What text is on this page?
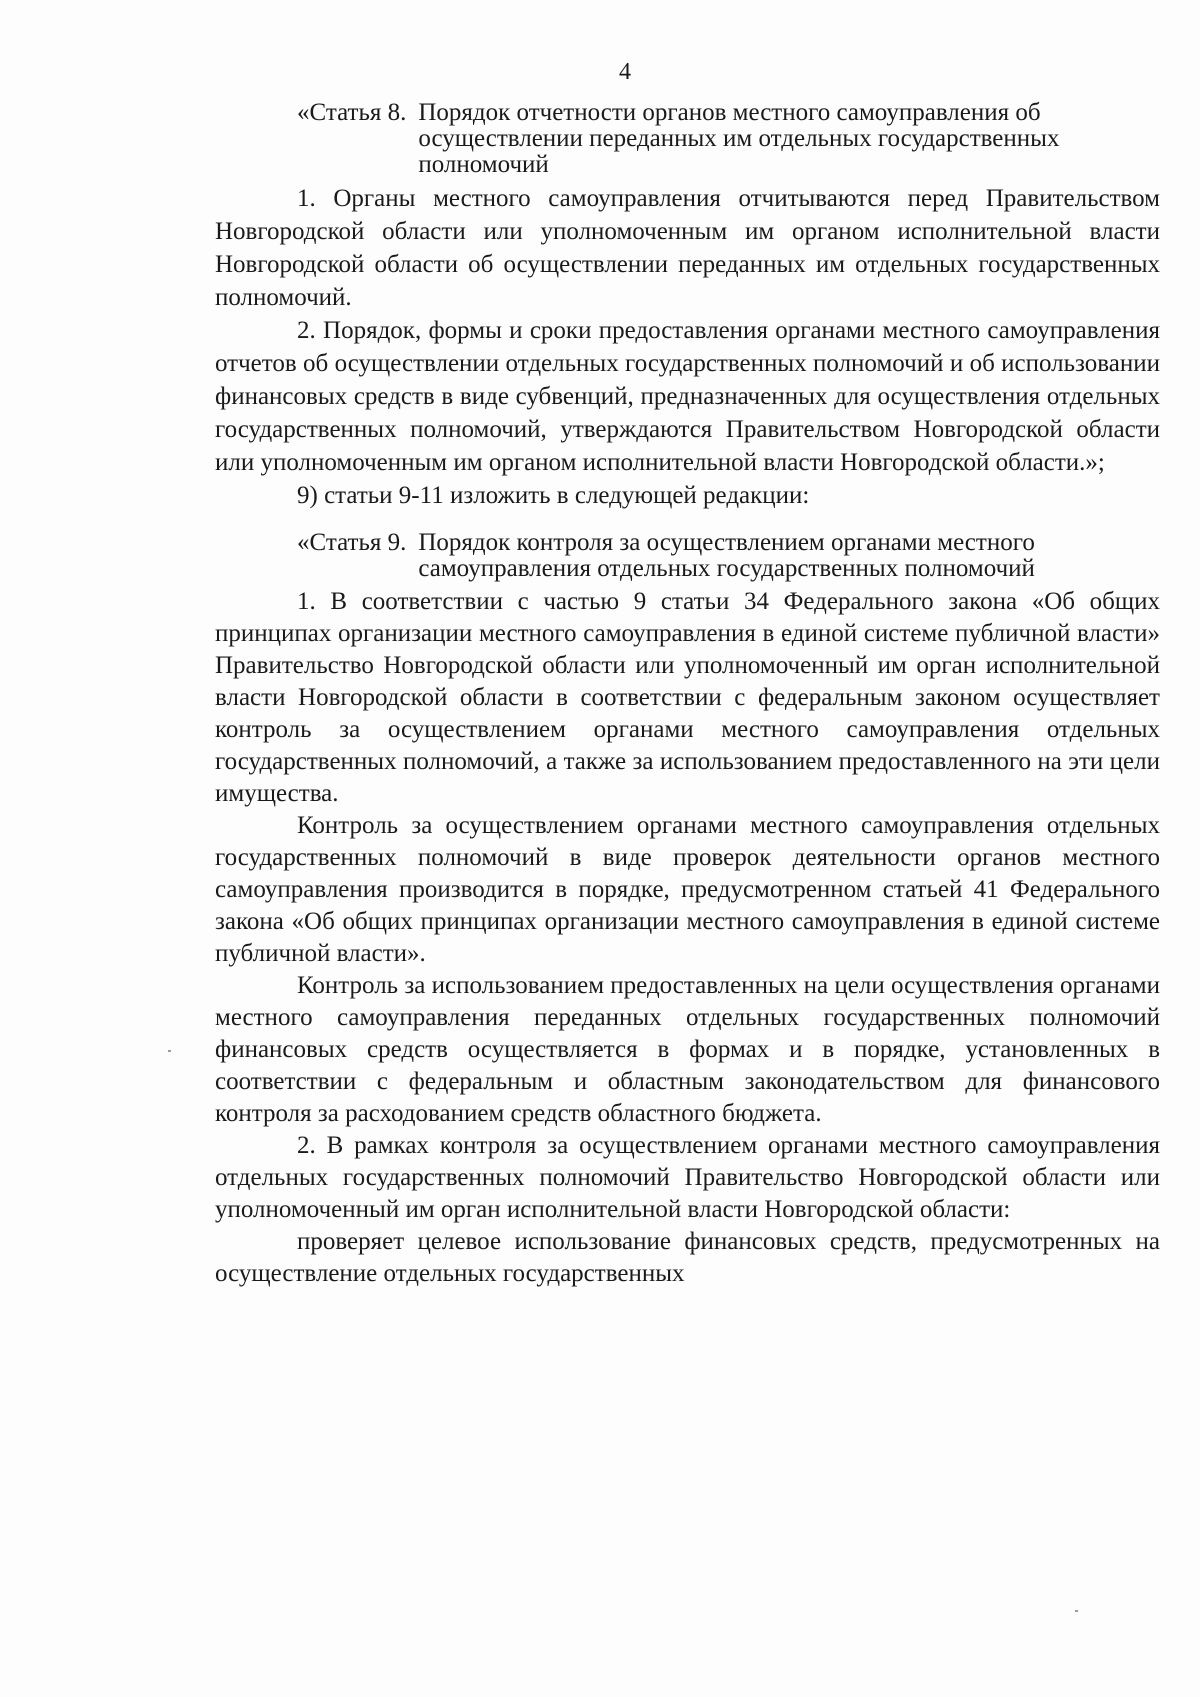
4
«Статья 8. Порядок отчетности органов местного самоуправления об осуществлении переданных им отдельных государственных полномочий

1. Органы местного самоуправления отчитываются перед Правительством Новгородской области или уполномоченным им органом исполнительной власти Новгородской области об осуществлении переданных им отдельных государственных полномочий.

2. Порядок, формы и сроки предоставления органами местного самоуправления отчетов об осуществлении отдельных государственных полномочий и об использовании финансовых средств в виде субвенций, предназначенных для осуществления отдельных государственных полномочий, утверждаются Правительством Новгородской области или уполномоченным им органом исполнительной власти Новгородской области.»;

9) статьи 9-11 изложить в следующей редакции:

«Статья 9. Порядок контроля за осуществлением органами местного самоуправления отдельных государственных полномочий

1. В соответствии с частью 9 статьи 34 Федерального закона «Об общих принципах организации местного самоуправления в единой системе публичной власти» Правительство Новгородской области или уполномоченный им орган исполнительной власти Новгородской области в соответствии с федеральным законом осуществляет контроль за осуществлением органами местного самоуправления отдельных государственных полномочий, а также за использованием предоставленного на эти цели имущества.

Контроль за осуществлением органами местного самоуправления отдельных государственных полномочий в виде проверок деятельности органов местного самоуправления производится в порядке, предусмотренном статьей 41 Федерального закона «Об общих принципах организации местного самоуправления в единой системе публичной власти».

Контроль за использованием предоставленных на цели осуществления органами местного самоуправления переданных отдельных государственных полномочий финансовых средств осуществляется в формах и в порядке, установленных в соответствии с федеральным и областным законодательством для финансового контроля за расходованием средств областного бюджета.

2. В рамках контроля за осуществлением органами местного самоуправления отдельных государственных полномочий Правительство Новгородской области или уполномоченный им орган исполнительной власти Новгородской области:

проверяет целевое использование финансовых средств, предусмотренных на осуществление отдельных государственных
